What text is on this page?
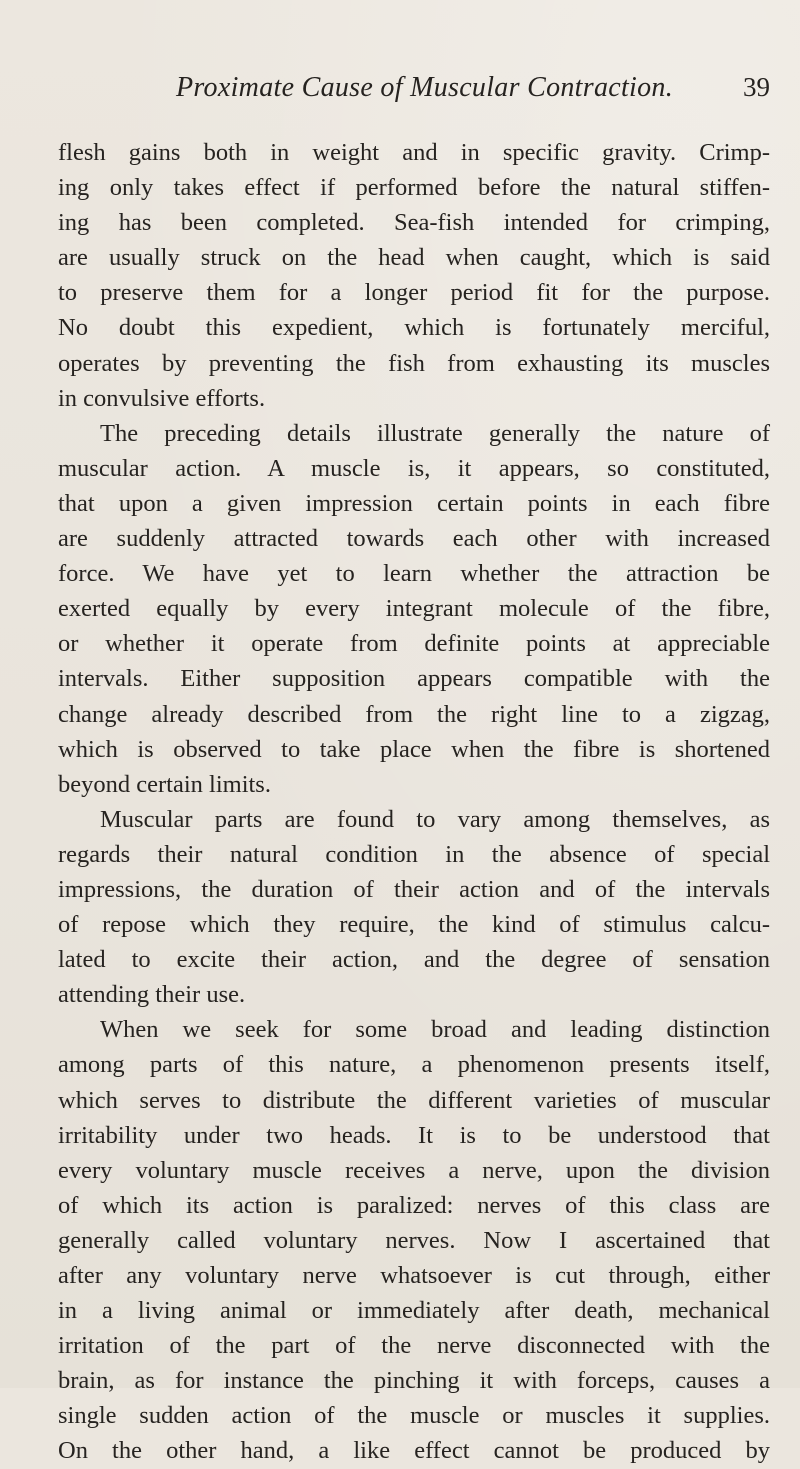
Proximate Cause of Muscular Contraction.	39
flesh gains both in weight and in specific gravity. Crimp-
ing only takes effect if performed before the natural stiffen-
ing has been completed. Sea-fish intended for crimping,
are usually struck on the head when caught, which is said
to preserve them for a longer period fit for the purpose.
No doubt this expedient, which is fortunately merciful,
operates by preventing the fish from exhausting its muscles
in convulsive efforts.
The preceding details illustrate generally the nature of
muscular action. A muscle is, it appears, so constituted,
that upon a given impression certain points in each fibre
are suddenly attracted towards each other with increased
force. We have yet to learn whether the attraction be
exerted equally by every integrant molecule of the fibre,
or whether it operate from definite points at appreciable
intervals. Either supposition appears compatible with the
change already described from the right line to a zigzag,
which is observed to take place when the fibre is shortened
beyond certain limits.
Muscular parts are found to vary among themselves, as
regards their natural condition in the absence of special
impressions, the duration of their action and of the intervals
of repose which they require, the kind of stimulus calcu-
lated to excite their action, and the degree of sensation
attending their use.
When we seek for some broad and leading distinction
among parts of this nature, a phenomenon presents itself,
which serves to distribute the different varieties of muscular
irritability under two heads. It is to be understood that
every voluntary muscle receives a nerve, upon the division
of which its action is paralized: nerves of this class are
generally called voluntary nerves. Now I ascertained that
after any voluntary nerve whatsoever is cut through, either
in a living animal or immediately after death, mechanical
irritation of the part of the nerve disconnected with the
brain, as for instance the pinching it with forceps, causes a
single sudden action of the muscle or muscles it supplies.
On the other hand, a like effect cannot be produced by
